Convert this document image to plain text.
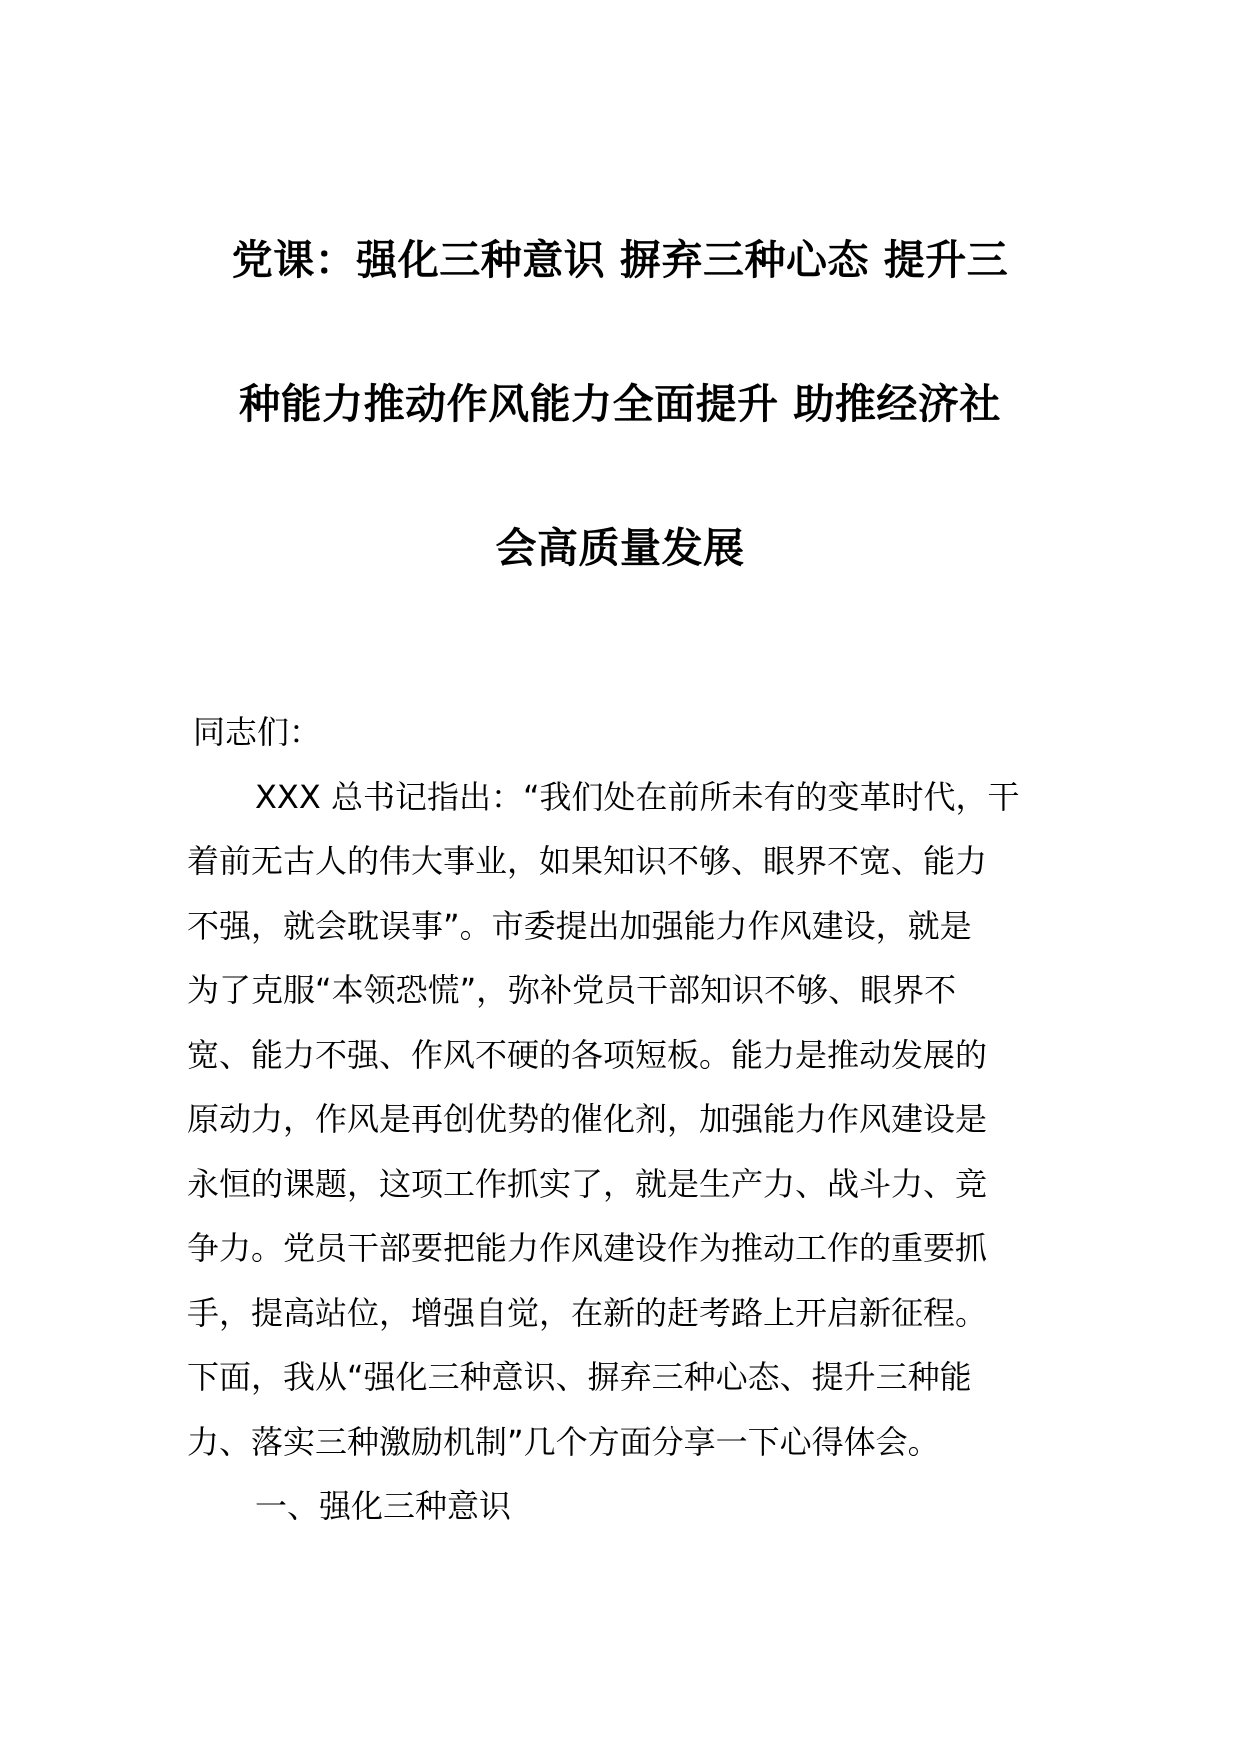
党课：强化三种意识 摒弃三种心态 提升三
种能力推动作风能力全面提升 助推经济社
会高质量发展

同志们：

XXX 总书记指出：“我们处在前所未有的变革时代，干
着前无古人的伟大事业，如果知识不够、眼界不宽、能力
不强，就会耽误事”。市委提出加强能力作风建设，就是
为了克服“本领恐慌”，弥补党员干部知识不够、眼界不
宽、能力不强、作风不硬的各项短板。能力是推动发展的
原动力，作风是再创优势的催化剂，加强能力作风建设是
永恒的课题，这项工作抓实了，就是生产力、战斗力、竞
争力。党员干部要把能力作风建设作为推动工作的重要抓
手，提高站位，增强自觉，在新的赶考路上开启新征程。
下面，我从“强化三种意识、摒弃三种心态、提升三种能
力、落实三种激励机制”几个方面分享一下心得体会。

一、强化三种意识
